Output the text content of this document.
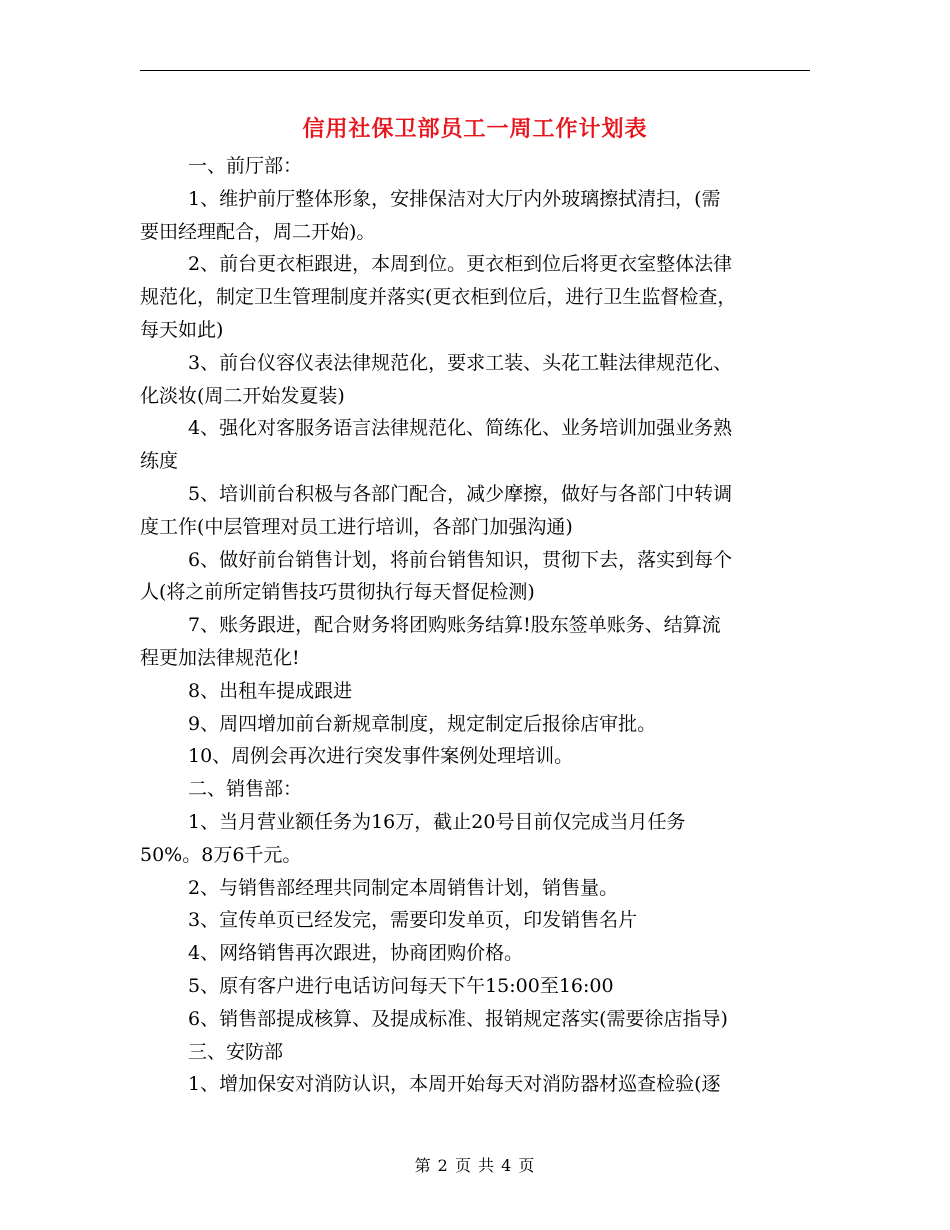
信用社保卫部员工一周工作计划表
一、前厅部：
1、维护前厅整体形象，安排保洁对大厅内外玻璃擦拭清扫，(需
要田经理配合，周二开始)。
2、前台更衣柜跟进，本周到位。更衣柜到位后将更衣室整体法律
规范化，制定卫生管理制度并落实(更衣柜到位后，进行卫生监督检查，
每天如此)
3、前台仪容仪表法律规范化，要求工装、头花工鞋法律规范化、
化淡妆(周二开始发夏装)
4、强化对客服务语言法律规范化、简练化、业务培训加强业务熟
练度
5、培训前台积极与各部门配合，减少摩擦，做好与各部门中转调
度工作(中层管理对员工进行培训，各部门加强沟通)
6、做好前台销售计划，将前台销售知识，贯彻下去，落实到每个
人(将之前所定销售技巧贯彻执行每天督促检测)
7、账务跟进，配合财务将团购账务结算!股东签单账务、结算流
程更加法律规范化!
8、出租车提成跟进
9、周四增加前台新规章制度，规定制定后报徐店审批。
10、周例会再次进行突发事件案例处理培训。
二、销售部：
1、当月营业额任务为16万，截止20号目前仅完成当月任务
50%。8万6千元。
2、与销售部经理共同制定本周销售计划，销售量。
3、宣传单页已经发完，需要印发单页，印发销售名片
4、网络销售再次跟进，协商团购价格。
5、原有客户进行电话访问每天下午15:00至16:00
6、销售部提成核算、及提成标准、报销规定落实(需要徐店指导)
三、安防部
1、增加保安对消防认识，本周开始每天对消防器材巡查检验(逐
第 2 页 共 4 页
